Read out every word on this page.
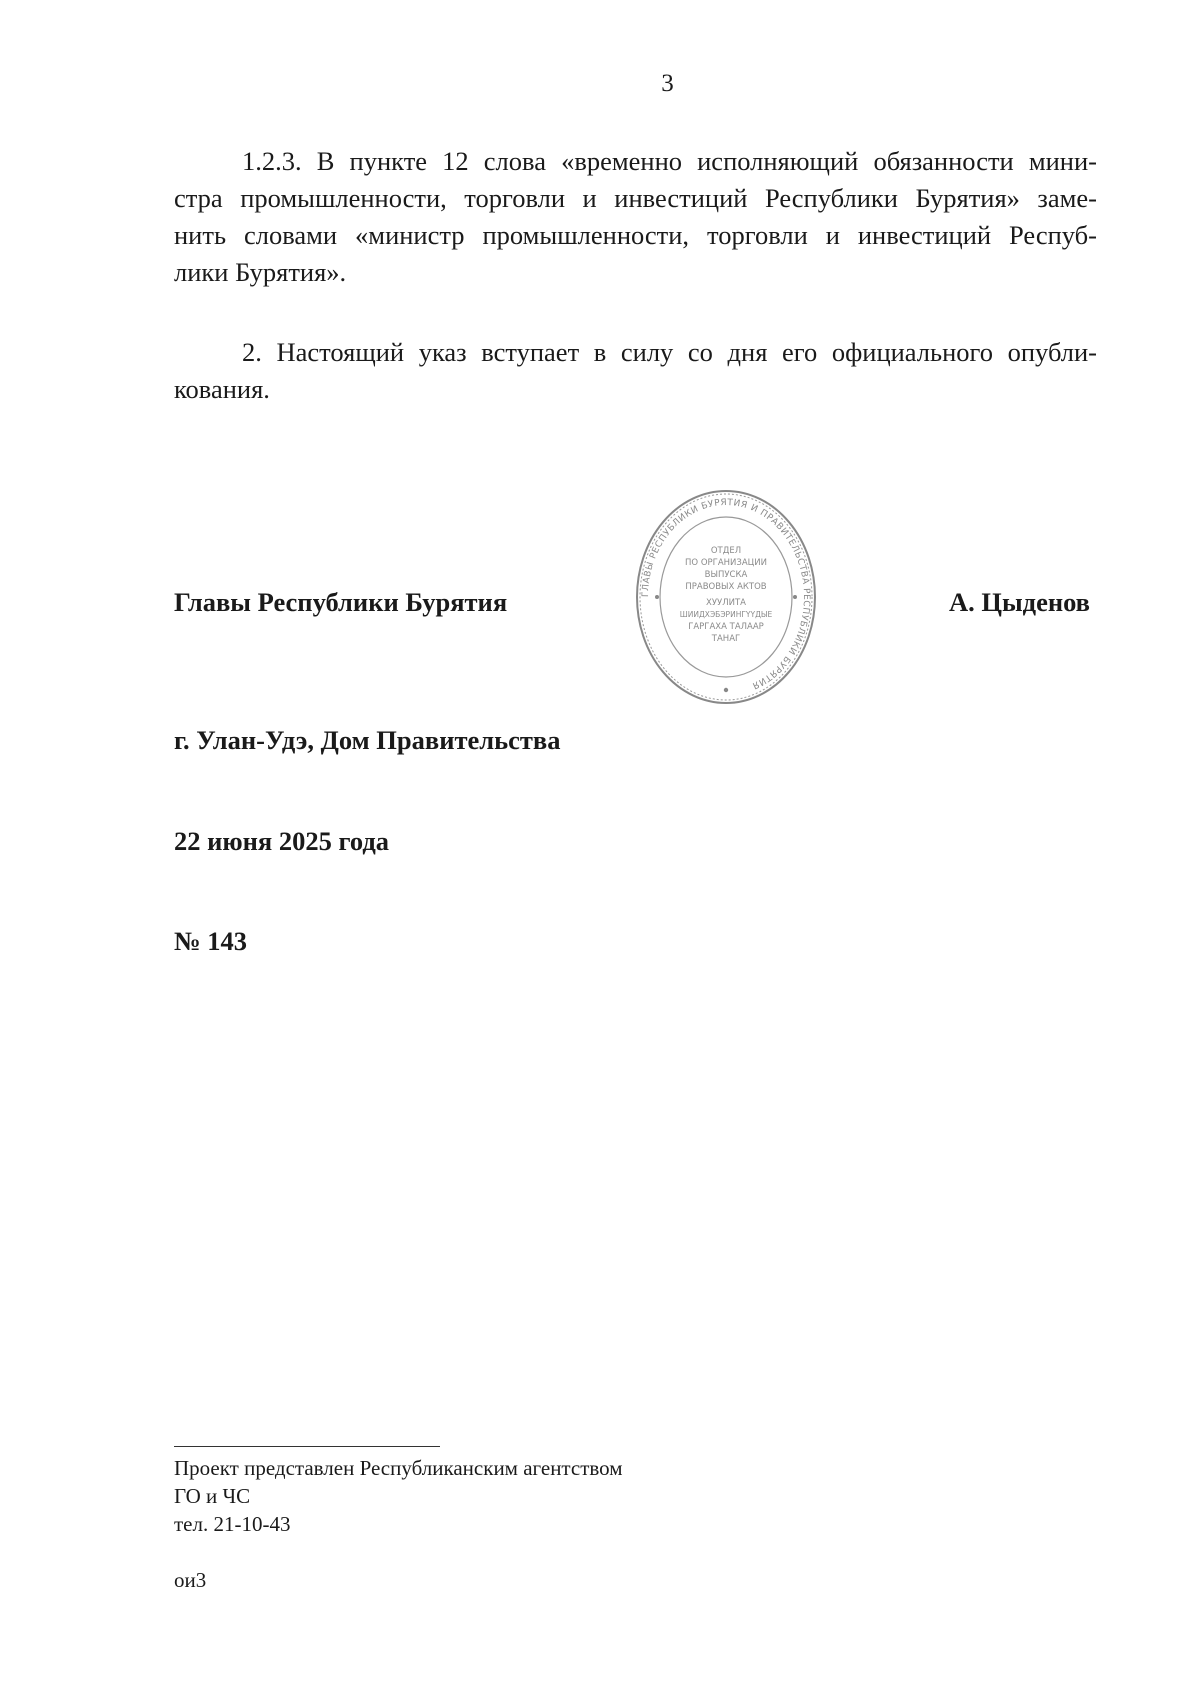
3
1.2.3. В пункте 12 слова «временно исполняющий обязанности мини-
стра промышленности, торговли и инвестиций Республики Бурятия» заме-
нить словами «министр промышленности, торговли и инвестиций Респуб-
лики Бурятия».
2. Настоящий указ вступает в силу со дня его официального опубли-
кования.
Главы Республики Бурятия	А. Цыденов
ГЛАВЫ РЕСПУБЛИКИ БУРЯТИЯ И ПРАВИТЕЛЬСТВА РЕСПУБЛИКИ БУРЯТИЯ
ОТДЕЛ
ПО ОРГАНИЗАЦИИ
ВЫПУСКА
ПРАВОВЫХ АКТОВ
ХУУЛИТА
ШИИДХЭБЭРИНГҮҮДЫЕ
ГАРГАХА ТАЛААР
ТАНАГ
г. Улан-Удэ, Дом Правительства
22 июня 2025 года
№ 143
Проект представлен Республиканским агентством
ГО и ЧС
тел. 21-10-43
ои3
